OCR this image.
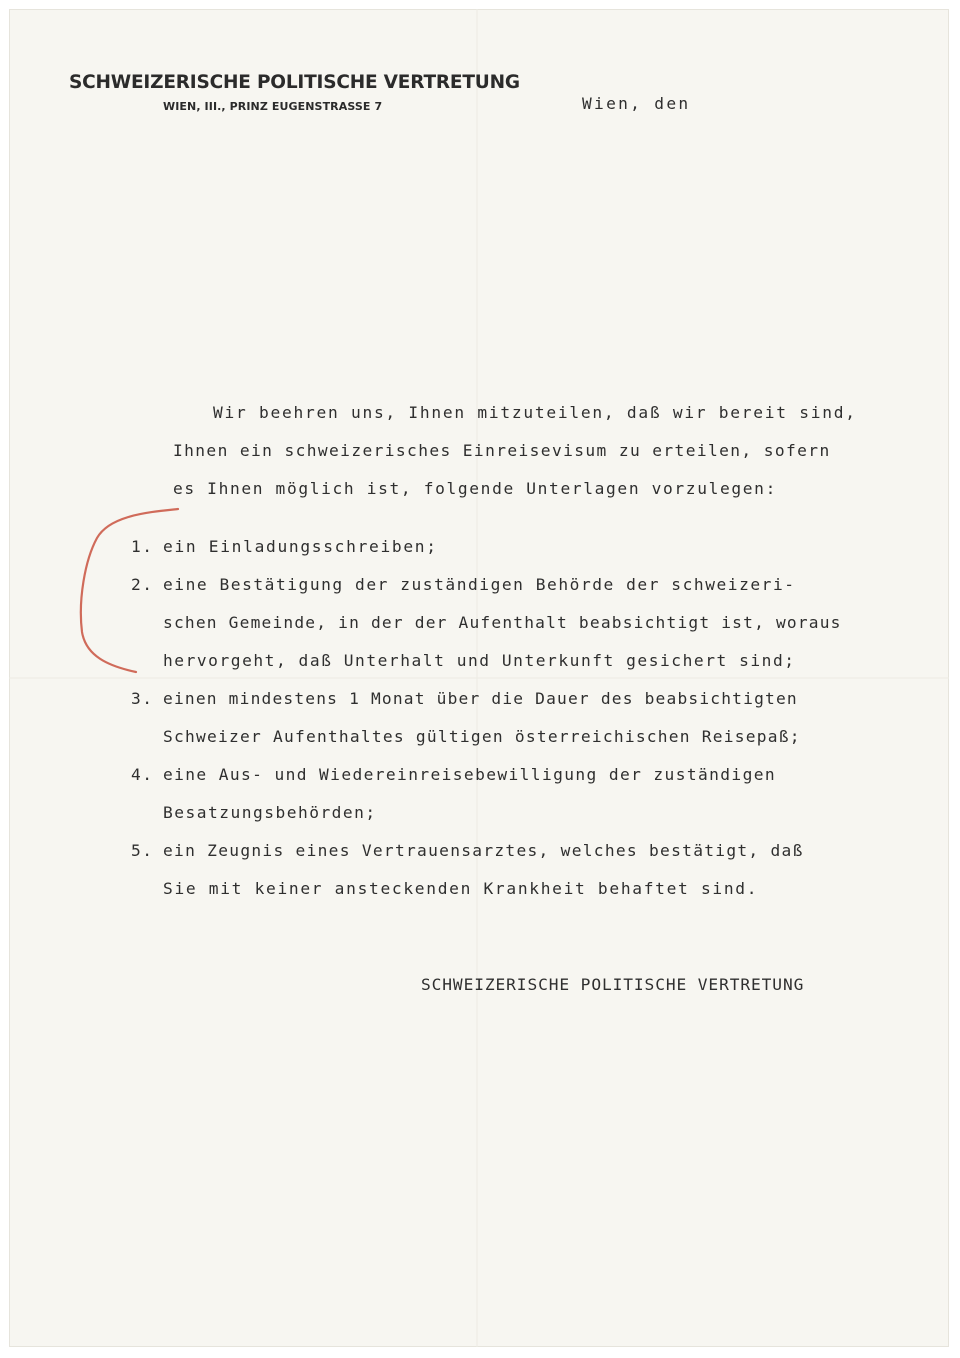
SCHWEIZERISCHE POLITISCHE VERTRETUNG
WIEN, III., PRINZ EUGENSTRASSE 7	Wien, den
Wir beehren uns, Ihnen mitzuteilen, daß wir bereit sind,
Ihnen ein schweizerisches Einreisevisum zu erteilen, sofern
es Ihnen möglich ist, folgende Unterlagen vorzulegen:
1. ein Einladungsschreiben;
2. eine Bestätigung der zuständigen Behörde der schweizeri-
schen Gemeinde, in der der Aufenthalt beabsichtigt ist, woraus
hervorgeht, daß Unterhalt und Unterkunft gesichert sind;
3. einen mindestens 1 Monat über die Dauer des beabsichtigten
Schweizer Aufenthaltes gültigen österreichischen Reisepaß;
4. eine Aus- und Wiedereinreisebewilligung der zuständigen
Besatzungsbehörden;
5. ein Zeugnis eines Vertrauensarztes, welches bestätigt, daß
Sie mit keiner ansteckenden Krankheit behaftet sind.
SCHWEIZERISCHE POLITISCHE VERTRETUNG
